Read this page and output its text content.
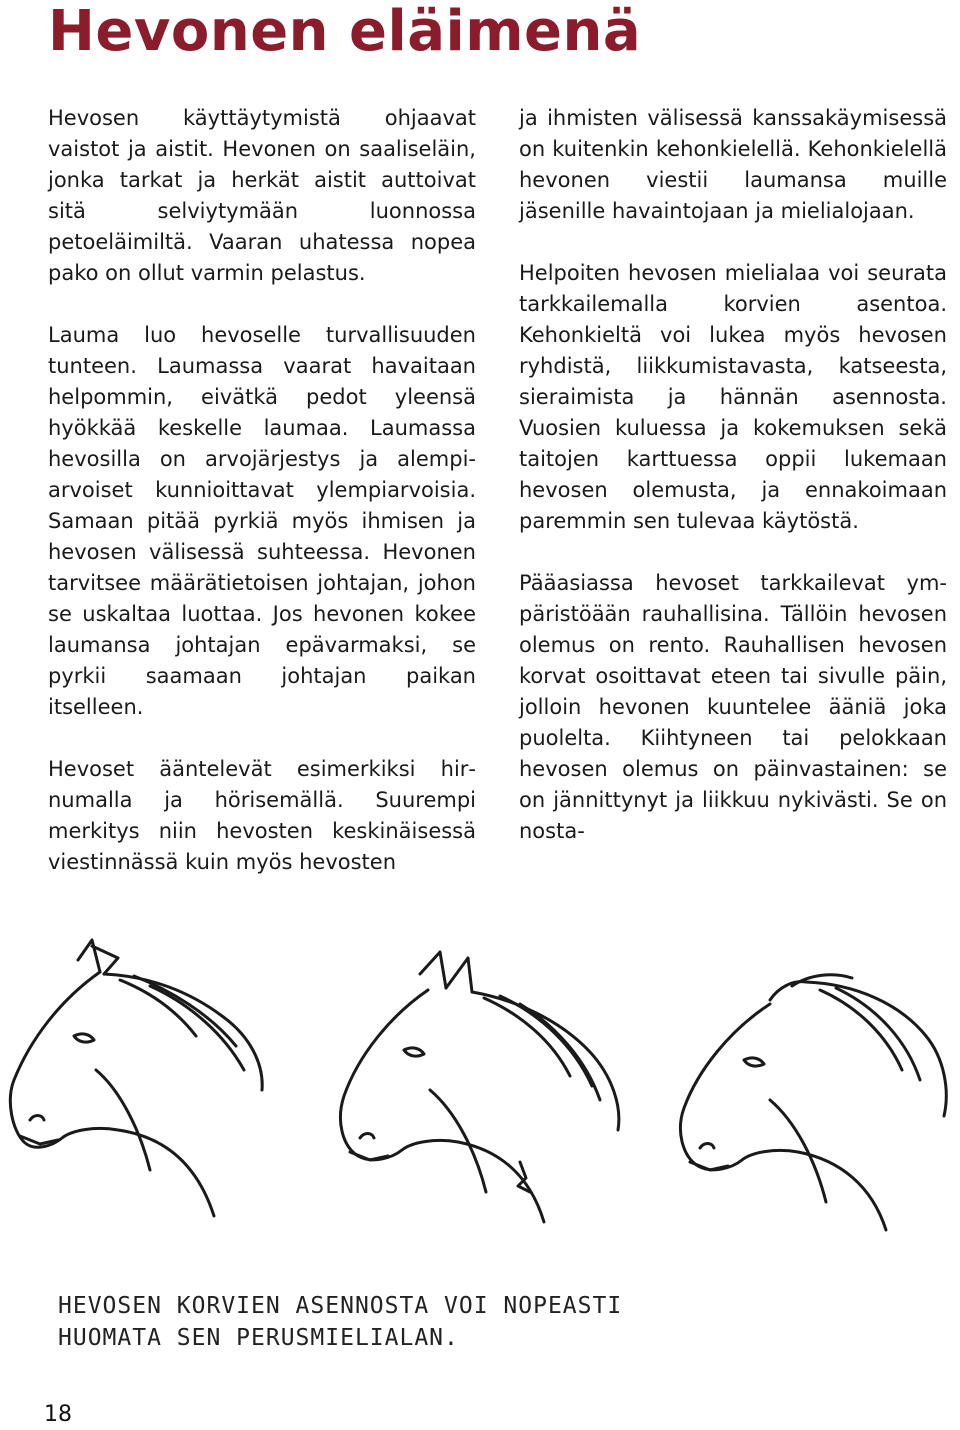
Hevonen eläimenä

Hevosen käyttäytymistä ohjaavat vaistot ja aistit. Hevonen on saaliseläin, jonka tarkat ja herkät aistit auttoivat sitä selviytymään luonnossa petoeläimiltä. Vaaran uhatessa nopea pako on ollut varmin pelastus.

Lauma luo hevoselle turvallisuuden tunteen. Laumassa vaarat havaitaan helpommin, eivätkä pedot yleensä hyökkää keskelle laumaa. Laumassa hevosilla on arvojärjestys ja alempiarvoiset kunnioittavat ylempiarvoisia. Samaan pitää pyrkiä myös ihmisen ja hevosen välisessä suhteessa. Hevonen tarvitsee määrätietoisen johtajan, johon se uskaltaa luottaa. Jos hevonen kokee laumansa johtajan epävarmaksi, se pyrkii saamaan johtajan paikan itselleen.

Hevoset ääntelevät esimerkiksi hirnumalla ja hörisemällä. Suurempi merkitys niin hevosten keskinäisessä viestinnässä kuin myös hevosten

ja ihmisten välisessä kanssakäymisessä on kuitenkin kehonkielellä. Kehonkielellä hevonen viestii laumansa muille jäsenille havaintojaan ja mielialojaan.

Helpoiten hevosen mielialaa voi seurata tarkkailemalla korvien asentoa. Kehonkieltä voi lukea myös hevosen ryhdistä, liikkumistavasta, katseesta, sieraimista ja hännän asennosta. Vuosien kuluessa ja kokemuksen sekä taitojen karttuessa oppii lukemaan hevosen olemusta, ja ennakoimaan paremmin sen tulevaa käytöstä.

Pääasiassa hevoset tarkkailevat ympäristöään rauhallisina. Tällöin hevosen olemus on rento. Rauhallisen hevosen korvat osoittavat eteen tai sivulle päin, jolloin hevonen kuuntelee ääniä joka puolelta. Kiihtyneen tai pelokkaan hevosen olemus on päinvastainen: se on jännittynyt ja liikkuu nykivästi. Se on nosta-

HEVOSEN KORVIEN ASENNOSTA VOI NOPEASTI
HUOMATA SEN PERUSMIELIALAN.
18
